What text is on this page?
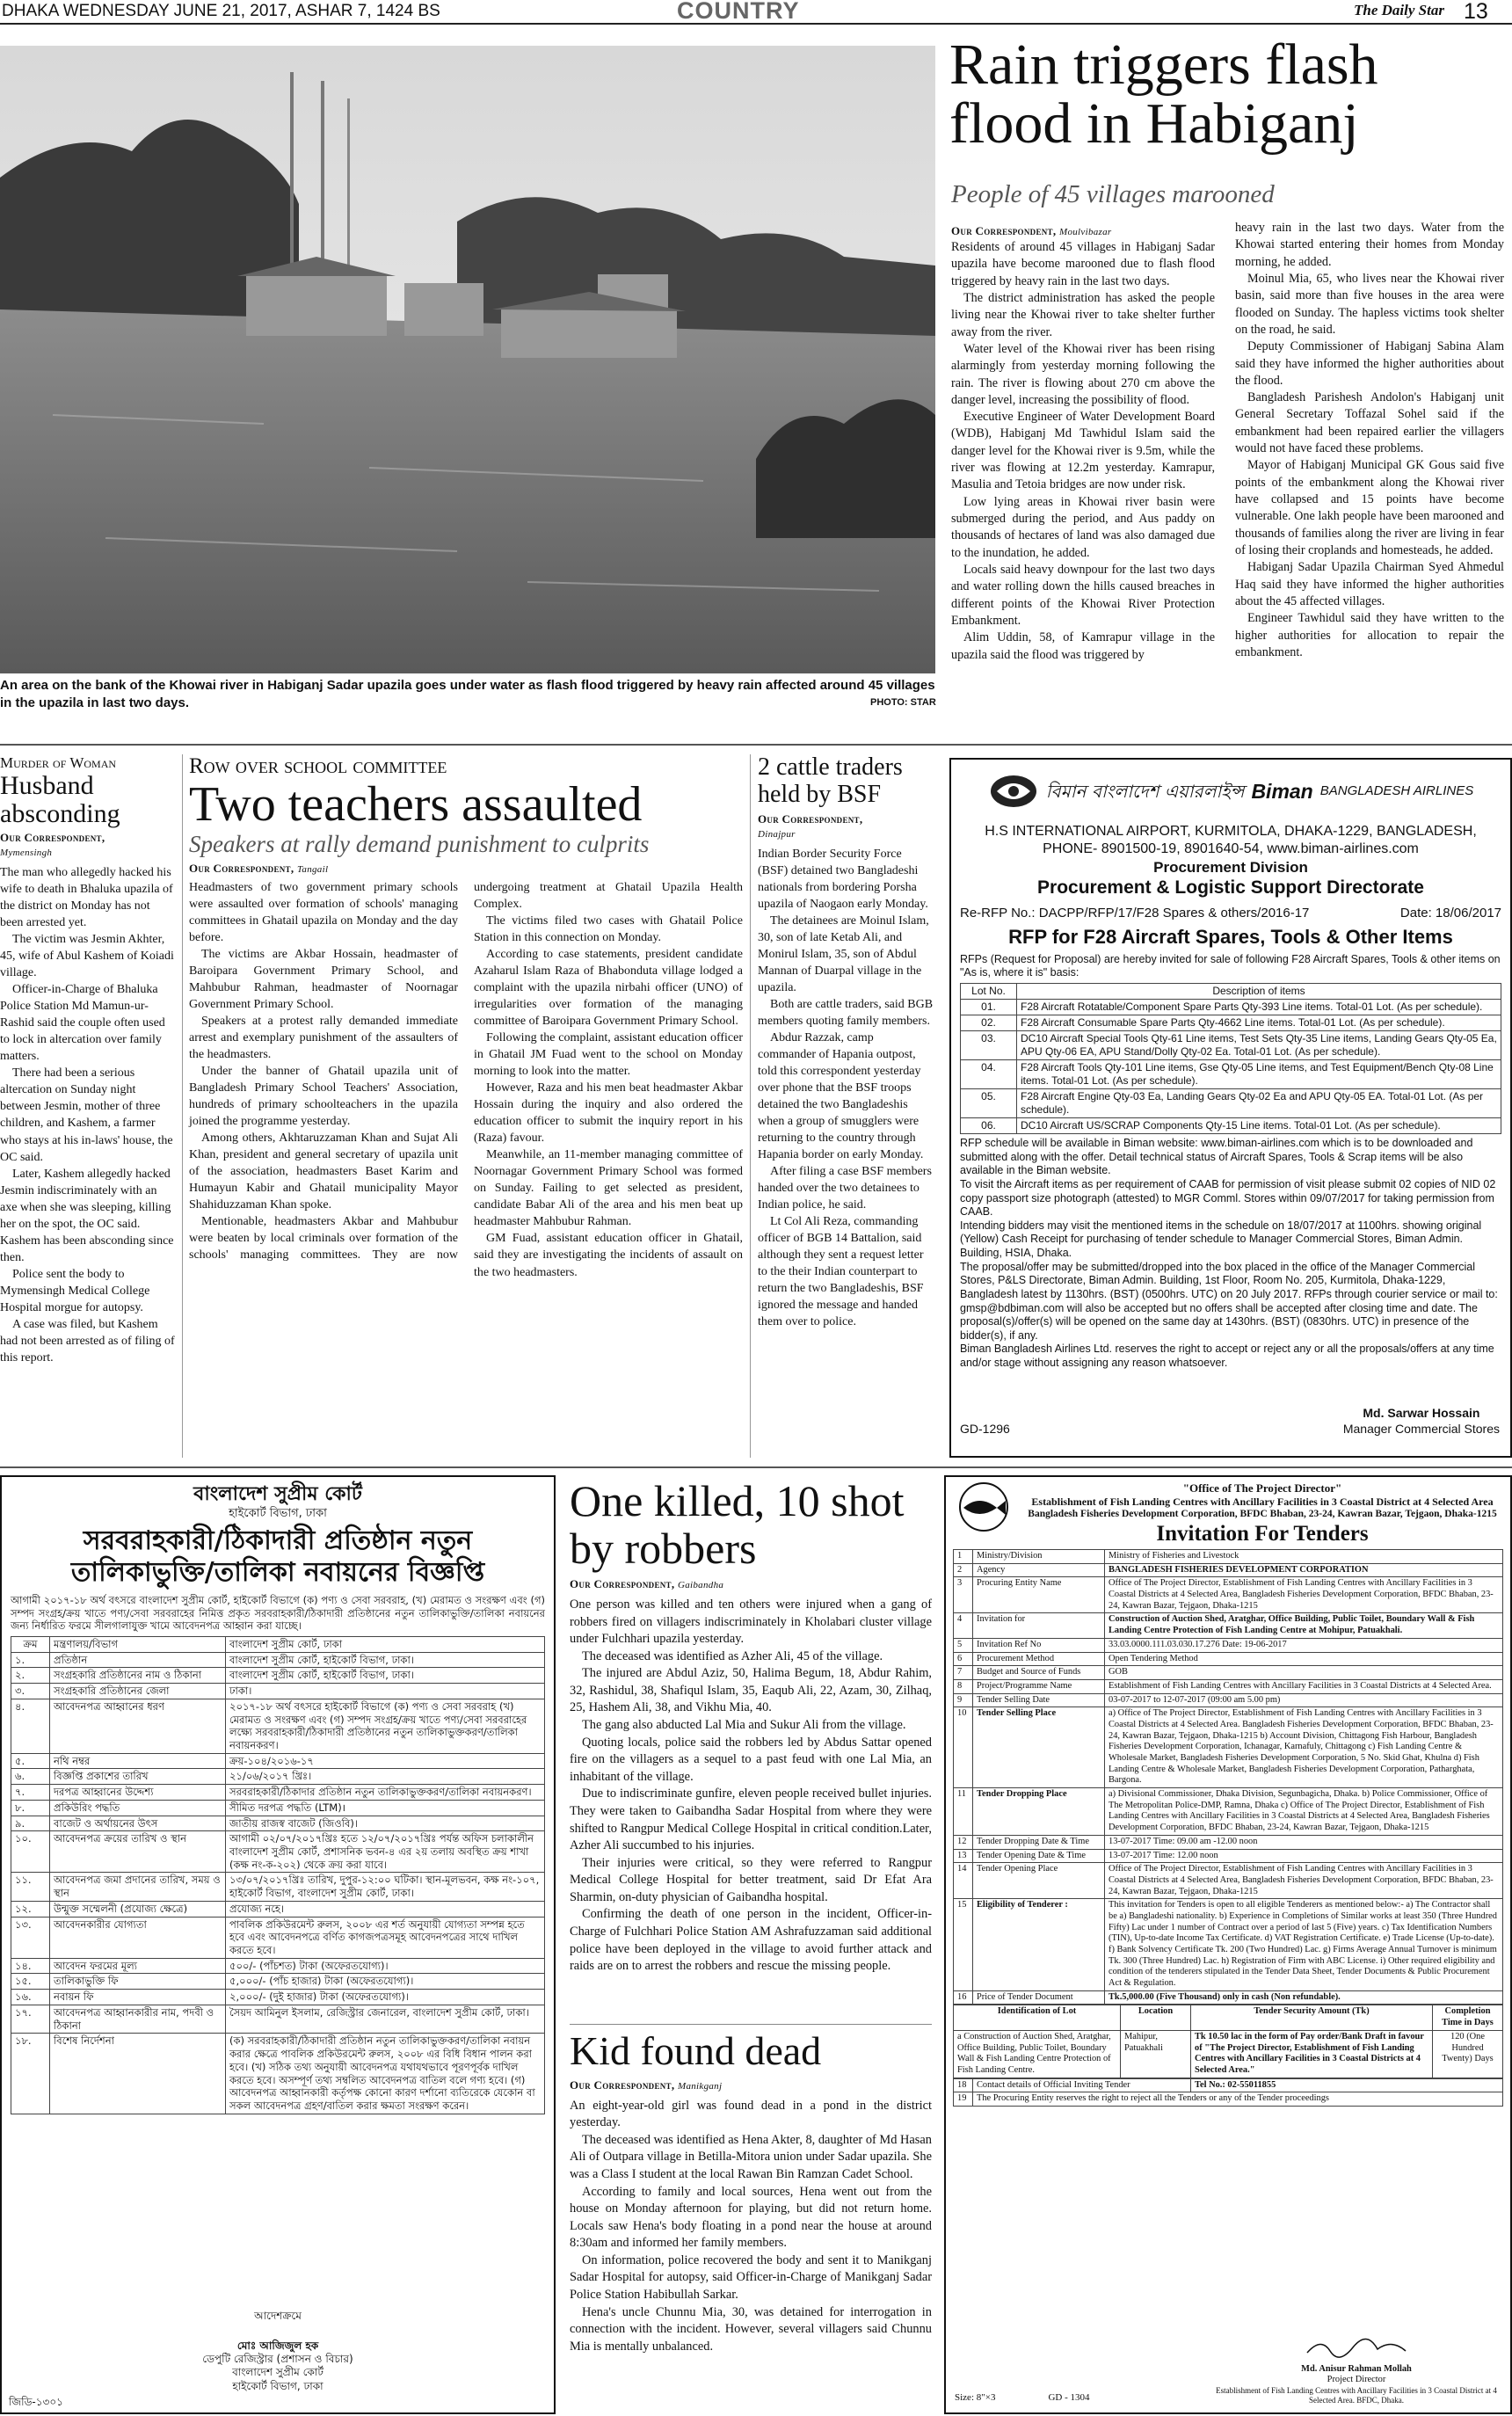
DHAKA WEDNESDAY JUNE 21, 2017, ASHAR 7, 1424 BS	COUNTRY	The Daily Star 13
An area on the bank of the Khowai river in Habiganj Sadar upazila goes under water as flash flood triggered by heavy rain affected around 45 villages in the upazila in last two days.	PHOTO: STAR
Rain triggers flash flood in Habiganj
People of 45 villages marooned
Our Correspondent, Moulvibazar

Residents of around 45 villages in Habiganj Sadar upazila have become marooned due to flash flood triggered by heavy rain in the last two days.

The district administration has asked the people living near the Khowai river to take shelter further away from the river.

Water level of the Khowai river has been rising alarmingly from yesterday morning following the rain. The river is flowing about 270 cm above the danger level, increasing the possibility of flood.

Executive Engineer of Water Development Board (WDB), Habiganj Md Tawhidul Islam said the danger level for the Khowai river is 9.5m, while the river was flowing at 12.2m yesterday. Kamrapur, Masulia and Tetoia bridges are now under risk.

Low lying areas in Khowai river basin were submerged during the period, and Aus paddy on thousands of hectares of land was also damaged due to the inundation, he added.

Locals said heavy downpour for the last two days and water rolling down the hills caused breaches in different points of the Khowai River Protection Embankment.

Alim Uddin, 58, of Kamrapur village in the upazila said the flood was triggered by

heavy rain in the last two days. Water from the Khowai started entering their homes from Monday morning, he added.

Moinul Mia, 65, who lives near the Khowai river basin, said more than five houses in the area were flooded on Sunday. The hapless victims took shelter on the road, he said.

Deputy Commissioner of Habiganj Sabina Alam said they have informed the higher authorities about the flood.

Bangladesh Parishesh Andolon's Habiganj unit General Secretary Toffazal Sohel said if the embankment had been repaired earlier the villagers would not have faced these problems.

Mayor of Habiganj Municipal GK Gous said five points of the embankment along the Khowai river have collapsed and 15 points have become vulnerable. One lakh people have been marooned and thousands of families along the river are living in fear of losing their croplands and homesteads, he added.

Habiganj Sadar Upazila Chairman Syed Ahmedul Haq said they have informed the higher authorities about the 45 affected villages.

Engineer Tawhidul said they have written to the higher authorities for allocation to repair the embankment.

Murder of Woman
Husband absconding
Our Correspondent,
Mymensingh

The man who allegedly hacked his wife to death in Bhaluka upazila of the district on Monday has not been arrested yet.

The victim was Jesmin Akhter, 45, wife of Abul Kashem of Koiadi village.

Officer-in-Charge of Bhaluka Police Station Md Mamun-ur-Rashid said the couple often used to lock in altercation over family matters.

There had been a serious altercation on Sunday night between Jesmin, mother of three children, and Kashem, a farmer who stays at his in-laws' house, the OC said.

Later, Kashem allegedly hacked Jesmin indiscriminately with an axe when she was sleeping, killing her on the spot, the OC said. Kashem has been absconding since then.

Police sent the body to Mymensingh Medical College Hospital morgue for autopsy.

A case was filed, but Kashem had not been arrested as of filing of this report.

Row over school committee
Two teachers assaulted
Speakers at rally demand punishment to culprits
Our Correspondent, Tangail

Headmasters of two government primary schools were assaulted over formation of schools' managing committees in Ghatail upazila on Monday and the day before.

The victims are Akbar Hossain, headmaster of Baroipara Government Primary School, and Mahbubur Rahman, headmaster of Noornagar Government Primary School.

Speakers at a protest rally demanded immediate arrest and exemplary punishment of the assaulters of the headmasters.

Under the banner of Ghatail upazila unit of Bangladesh Primary School Teachers' Association, hundreds of primary schoolteachers in the upazila joined the programme yesterday.

Among others, Akhtaruzzaman Khan and Sujat Ali Khan, president and general secretary of upazila unit of the association, headmasters Baset Karim and Humayun Kabir and Ghatail municipality Mayor Shahiduzzaman Khan spoke.

Mentionable, headmasters Akbar and Mahbubur were beaten by local criminals over formation of the schools' managing committees. They are now undergoing treatment at Ghatail Upazila Health Complex.

The victims filed two cases with Ghatail Police Station in this connection on Monday.

According to case statements, president candidate Azaharul Islam Raza of Bhabonduta village lodged a complaint with the upazila nirbahi officer (UNO) of irregularities over formation of the managing committee of Baroipara Government Primary School.

Following the complaint, assistant education officer in Ghatail JM Fuad went to the school on Monday morning to look into the matter.

However, Raza and his men beat headmaster Akbar Hossain during the inquiry and also ordered the education officer to submit the inquiry report in his (Raza) favour.

Meanwhile, an 11-member managing committee of Noornagar Government Primary School was formed on Sunday. Failing to get selected as president, candidate Babar Ali of the area and his men beat up headmaster Mahbubur Rahman.

GM Fuad, assistant education officer in Ghatail, said they are investigating the incidents of assault on the two headmasters.

2 cattle traders held by BSF
Our Correspondent,
Dinajpur

Indian Border Security Force (BSF) detained two Bangladeshi nationals from bordering Porsha upazila of Naogaon early Monday.

The detainees are Moinul Islam, 30, son of late Ketab Ali, and Monirul Islam, 35, son of Abdul Mannan of Duarpal village in the upazila.

Both are cattle traders, said BGB members quoting family members.

Abdur Razzak, camp commander of Hapania outpost, told this correspondent yesterday over phone that the BSF troops detained the two Bangladeshis when a group of smugglers were returning to the country through Hapania border on early Monday.

After filing a case BSF members handed over the two detainees to Indian police, he said.

Lt Col Ali Reza, commanding officer of BGB 14 Battalion, said although they sent a request letter to the their Indian counterpart to return the two Bangladeshis, BSF ignored the message and handed them over to police.

বিমান বাংলাদেশ এয়ারলাইন্স Biman BANGLADESH AIRLINES
H.S INTERNATIONAL AIRPORT, KURMITOLA, DHAKA-1229, BANGLADESH, PHONE- 8901500-19, 8901640-54, www.biman-airlines.com
Procurement Division
Procurement & Logistic Support Directorate
Re-RFP No.: DACPP/RFP/17/F28 Spares & others/2016-17	Date: 18/06/2017
RFP for F28 Aircraft Spares, Tools & Other Items
RFPs (Request for Proposal) are hereby invited for sale of following F28 Aircraft Spares, Tools & other items on "As is, where it is" basis:
Lot No.	Description of items
01.	F28 Aircraft Rotatable/Component Spare Parts Qty-393 Line items. Total-01 Lot. (As per schedule).
02.	F28 Aircraft Consumable Spare Parts Qty-4662 Line items. Total-01 Lot. (As per schedule).
03.	DC10 Aircraft Special Tools Qty-61 Line items, Test Sets Qty-35 Line items, Landing Gears Qty-05 Ea, APU Qty-06 EA, APU Stand/Dolly Qty-02 Ea. Total-01 Lot. (As per schedule).
04.	F28 Aircraft Tools Qty-101 Line items, Gse Qty-05 Line items, and Test Equipment/Bench Qty-08 Line items. Total-01 Lot. (As per schedule).
05.	F28 Aircraft Engine Qty-03 Ea, Landing Gears Qty-02 Ea and APU Qty-05 EA. Total-01 Lot. (As per schedule).
06.	DC10 Aircraft US/SCRAP Components Qty-15 Line items. Total-01 Lot. (As per schedule).
RFP schedule will be available in Biman website: www.biman-airlines.com which is to be downloaded and submitted along with the offer. Detail technical status of Aircraft Spares, Tools & Scrap items will be also available in the Biman website.
To visit the Aircraft items as per requirement of CAAB for permission of visit please submit 02 copies of NID 02 copy passport size photograph (attested) to MGR Comml. Stores within 09/07/2017 for taking permission from CAAB.
Intending bidders may visit the mentioned items in the schedule on 18/07/2017 at 1100hrs. showing original (Yellow) Cash Receipt for purchasing of tender schedule to Manager Commercial Stores, Biman Admin. Building, HSIA, Dhaka.
The proposal/offer may be submitted/dropped into the box placed in the office of the Manager Commercial Stores, P&LS Directorate, Biman Admin. Building, 1st Floor, Room No. 205, Kurmitola, Dhaka-1229, Bangladesh latest by 1130hrs. (BST) (0500hrs. UTC) on 20 July 2017. RFPs through courier service or mail to: gmsp@bdbiman.com will also be accepted but no offers shall be accepted after closing time and date. The proposal(s)/offer(s) will be opened on the same day at 1430hrs. (BST) (0830hrs. UTC) in presence of the bidder(s), if any.
Biman Bangladesh Airlines Ltd. reserves the right to accept or reject any or all the proposals/offers at any time and/or stage without assigning any reason whatsoever.
Md. Sarwar Hossain
Manager Commercial Stores
GD-1296
বাংলাদেশ সুপ্রীম কোর্ট
হাইকোর্ট বিভাগ, ঢাকা
সরবরাহকারী/ঠিকাদারী প্রতিষ্ঠান নতুন
তালিকাভুক্তি/তালিকা নবায়নের বিজ্ঞপ্তি
আগামী ২০১৭-১৮ অর্থ বৎসরে বাংলাদেশ সুপ্রীম কোর্ট, হাইকোর্ট বিভাগে (ক) পণ্য ও সেবা সরবরাহ, (খ) মেরামত ও সংরক্ষণ এবং (গ) সম্পদ সংগ্রহ/ক্রয় খাতে পণ্য/সেবা সরবরাহের নিমিত্ত প্রকৃত সরবরাহকারী/ঠিকাদারী প্রতিষ্ঠানের নতুন তালিকাভুক্তি/তালিকা নবায়নের জন্য নির্ধারিত ফরমে সীলগালাযুক্ত খামে আবেদনপত্র আহ্বান করা যাচ্ছে।
ক্রম	মন্ত্রণালয়/বিভাগ	বাংলাদেশ সুপ্রীম কোর্ট, ঢাকা
১.	প্রতিষ্ঠান	বাংলাদেশ সুপ্রীম কোর্ট, হাইকোর্ট বিভাগ, ঢাকা।
২.	সংগ্রহকারি প্রতিষ্ঠানের নাম ও ঠিকানা	বাংলাদেশ সুপ্রীম কোর্ট, হাইকোর্ট বিভাগ, ঢাকা।
৩.	সংগ্রহকারি প্রতিষ্ঠানের জেলা	ঢাকা।
৪.	আবেদনপত্র আহ্বানের ধরণ	২০১৭-১৮ অর্থ বৎসরে হাইকোর্ট বিভাগে (ক) পণ্য ও সেবা সরবরাহ (খ) মেরামত ও সংরক্ষণ এবং (গ) সম্পদ সংগ্রহ/ক্রয় খাতে পণ্য/সেবা সরবরাহের লক্ষ্যে সরবরাহকারী/ঠিকাদারী প্রতিষ্ঠানের নতুন তালিকাভুক্তকরণ/তালিকা নবায়নকরণ।
৫.	নথি নম্বর	ক্রয়-১০৪/২০১৬-১৭
৬.	বিজ্ঞপ্তি প্রকাশের তারিখ	২১/০৬/২০১৭ খ্রিঃ।
৭.	দরপত্র আহ্বানের উদ্দেশ্য	সরবরাহকারী/ঠিকাদার প্রতিষ্ঠান নতুন তালিকাভুক্তকরণ/তালিকা নবায়নকরণ।
৮.	প্রকিউরিং পদ্ধতি	সীমিত দরপত্র পদ্ধতি (LTM)।
৯.	বাজেট ও অর্থায়নের উৎস	জাতীয় রাজস্ব বাজেট (জিওবি)।
১০.	আবেদনপত্র ক্রয়ের তারিখ ও স্থান	আগামী ০২/০৭/২০১৭খ্রিঃ হতে ১২/০৭/২০১৭খ্রিঃ পর্যন্ত অফিস চলাকালীন বাংলাদেশ সুপ্রীম কোর্ট, প্রশাসনিক ভবন-৪ এর ২য় তলায় অবস্থিত ক্রয় শাখা (কক্ষ নং-ক-২০২) থেকে ক্রয় করা যাবে।
১১.	আবেদনপত্র জমা প্রদানের তারিখ, সময় ও স্থান	১৩/০৭/২০১৭খ্রিঃ তারিখ, দুপুর-১২:০০ ঘটিকা। স্থান-মূলভবন, কক্ষ নং-১০৭, হাইকোর্ট বিভাগ, বাংলাদেশ সুপ্রীম কোর্ট, ঢাকা।
১২.	উন্মুক্ত সম্মেলনী (প্রযোজ্য ক্ষেত্রে)	প্রযোজ্য নহে।
১৩.	আবেদনকারীর যোগ্যতা	পাবলিক প্রকিউরমেন্ট রুলস, ২০০৮ এর শর্ত অনুযায়ী যোগ্যতা সম্পন্ন হতে হবে এবং আবেদনপত্রে বর্ণিত কাগজপত্রসমূহ আবেদনপত্রের সাথে দাখিল করতে হবে।
১৪.	আবেদন ফরমের মূল্য	৫০০/- (পাঁচশত) টাকা (অফেরতযোগ্য)।
১৫.	তালিকাভুক্তি ফি	৫,০০০/- (পাঁচ হাজার) টাকা (অফেরতযোগ্য)।
১৬.	নবায়ন ফি	২,০০০/- (দুই হাজার) টাকা (অফেরতযোগ্য)।
১৭.	আবেদনপত্র আহ্বানকারীর নাম, পদবী ও ঠিকানা	সৈয়দ আমিনুল ইসলাম, রেজিস্ট্রার জেনারেল, বাংলাদেশ সুপ্রীম কোর্ট, ঢাকা।
১৮.	বিশেষ নির্দেশনা	(ক) সরবরাহকারী/ঠিকাদারী প্রতিষ্ঠান নতুন তালিকাভুক্তকরণ/তালিকা নবায়ন করার ক্ষেত্রে পাবলিক প্রকিউরমেন্ট রুলস, ২০০৮ এর বিধি বিধান পালন করা হবে। (খ) সঠিক তথ্য অনুযায়ী আবেদনপত্র যথাযথভাবে পূরণপূর্বক দাখিল করতে হবে। অসম্পূর্ণ তথ্য সম্বলিত আবেদনপত্র বাতিল বলে গণ্য হবে। (গ) আবেদনপত্র আহ্বানকারী কর্তৃপক্ষ কোনো কারণ দর্শানো ব্যতিরেকে যেকোন বা সকল আবেদনপত্র গ্রহণ/বাতিল করার ক্ষমতা সংরক্ষণ করেন।
আদেশক্রমে
মোঃ আজিজুল হক
ডেপুটি রেজিস্ট্রার (প্রশাসন ও বিচার)
বাংলাদেশ সুপ্রীম কোর্ট
হাইকোর্ট বিভাগ, ঢাকা
জিডি-১৩০১
One killed, 10 shot by robbers
Our Correspondent, Gaibandha

One person was killed and ten others were injured when a gang of robbers fired on villagers indiscriminately in Kholabari cluster village under Fulchhari upazila yesterday.

The deceased was identified as Azher Ali, 45 of the village.

The injured are Abdul Aziz, 50, Halima Begum, 18, Abdur Rahim, 32, Rashidul, 38, Shafiqul Islam, 35, Eaqub Ali, 22, Azam, 30, Zilhaq, 25, Hashem Ali, 38, and Vikhu Mia, 40.

The gang also abducted Lal Mia and Sukur Ali from the village.

Quoting locals, police said the robbers led by Abdus Sattar opened fire on the villagers as a sequel to a past feud with one Lal Mia, an inhabitant of the village.

Due to indiscriminate gunfire, eleven people received bullet injuries. They were taken to Gaibandha Sadar Hospital from where they were shifted to Rangpur Medical College Hospital in critical condition.Later, Azher Ali succumbed to his injuries.

Their injuries were critical, so they were referred to Rangpur Medical College Hospital for better treatment, said Dr Efat Ara Sharmin, on-duty physician of Gaibandha hospital.

Confirming the death of one person in the incident, Officer-in-Charge of Fulchhari Police Station AM Ashrafuzzaman said additional police have been deployed in the village to avoid further attack and raids are on to arrest the robbers and rescue the missing people.

Kid found dead
Our Correspondent, Manikganj

An eight-year-old girl was found dead in a pond in the district yesterday.

The deceased was identified as Hena Akter, 8, daughter of Md Hasan Ali of Outpara village in Betilla-Mitora union under Sadar upazila. She was a Class I student at the local Rawan Bin Ramzan Cadet School.

According to family and local sources, Hena went out from the house on Monday afternoon for playing, but did not return home. Locals saw Hena's body floating in a pond near the house at around 8:30am and informed her family members.

On information, police recovered the body and sent it to Manikganj Sadar Hospital for autopsy, said Officer-in-Charge of Manikganj Sadar Police Station Habibullah Sarkar.

Hena's uncle Chunnu Mia, 30, was detained for interrogation in connection with the incident. However, several villagers said Chunnu Mia is mentally unbalanced.

"Office of The Project Director"
Establishment of Fish Landing Centres with Ancillary Facilities in 3 Coastal District at 4 Selected Area
Bangladesh Fisheries Development Corporation, BFDC Bhaban, 23-24, Kawran Bazar, Tejgaon, Dhaka-1215
Invitation For Tenders
1	Ministry/Division	Ministry of Fisheries and Livestock
2	Agency	BANGLADESH FISHERIES DEVELOPMENT CORPORATION
3	Procuring Entity Name	Office of The Project Director, Establishment of Fish Landing Centres with Ancillary Facilities in 3 Coastal Districts at 4 Selected Area, Bangladesh Fisheries Development Corporation, BFDC Bhaban, 23-24, Kawran Bazar, Tejgaon, Dhaka-1215
4	Invitation for	Construction of Auction Shed, Aratghar, Office Building, Public Toilet, Boundary Wall & Fish Landing Centre Protection of Fish Landing Centre at Mohipur, Patuakhali.
5	Invitation Ref No	33.03.0000.111.03.030.17.276 Date: 19-06-2017
6	Procurement Method	Open Tendering Method
7	Budget and Source of Funds	GOB
8	Project/Programme Name	Establishment of Fish Landing Centres with Ancillary Facilities in 3 Coastal Districts at 4 Selected Area.
9	Tender Selling Date	03-07-2017 to 12-07-2017 (09:00 am 5.00 pm)
10	Tender Selling Place	a) Office of The Project Director, Establishment of Fish Landing Centres with Ancillary Facilities in 3 Coastal Districts at 4 Selected Area. Bangladesh Fisheries Development Corporation, BFDC Bhaban, 23-24, Kawran Bazar, Tejgaon, Dhaka-1215 b) Account Division, Chittagong Fish Harbour, Bangladesh Fisheries Development Corporation, Ichanagar, Karnafuly, Chittagong c) Fish Landing Centre & Wholesale Market, Bangladesh Fisheries Development Corporation, 5 No. Skid Ghat, Khulna d) Fish Landing Centre & Wholesale Market, Bangladesh Fisheries Development Corporation, Patharghata, Bargona.
11	Tender Dropping Place	a) Divisional Commissioner, Dhaka Division, Segunbagicha, Dhaka. b) Police Commissioner, Office of The Metropolitan Police-DMP, Ramna, Dhaka c) Office of The Project Director, Establishment of Fish Landing Centres with Ancillary Facilities in 3 Coastal Districts at 4 Selected Area, Bangladesh Fisheries Development Corporation, BFDC Bhaban, 23-24, Kawran Bazar, Tejgaon, Dhaka-1215
12	Tender Dropping Date & Time	13-07-2017 Time: 09.00 am -12.00 noon
13	Tender Opening Date & Time	13-07-2017 Time: 12.00 noon
14	Tender Opening Place	Office of The Project Director, Establishment of Fish Landing Centres with Ancillary Facilities in 3 Coastal Districts at 4 Selected Area, Bangladesh Fisheries Development Corporation, BFDC Bhaban, 23-24, Kawran Bazar, Tejgaon, Dhaka-1215
15	Eligibility of Tenderer :	This invitation for Tenders is open to all eligible Tenderers as mentioned below:- a) The Contractor shall be a) Bangladeshi nationality. b) Experience in Completions of Similar works at least 350 (Three Hundred Fifty) Lac under 1 number of Contract over a period of last 5 (Five) years. c) Tax Identification Numbers (TIN), Up-to-date Income Tax Certificate. d) VAT Registration Certificate. e) Trade License (Up-to-date). f) Bank Solvency Certificate Tk. 200 (Two Hundred) Lac. g) Firms Average Annual Turnover is minimum Tk. 300 (Three Hundred) Lac. h) Registration of Firm with ABC License. i) Other required eligibility and condition of the tenderers stipulated in the Tender Data Sheet, Tender Documents & Public Procurement Act & Regulation.
16	Price of Tender Document	Tk.5,000.00 (Five Thousand) only in cash (Non refundable).
Identification of Lot	Location	Tender Security Amount (Tk)	Completion Time in Days
a Construction of Auction Shed, Aratghar, Office Building, Public Toilet, Boundary Wall & Fish Landing Centre Protection of Fish Landing Centre.	Mahipur, Patuakhali	Tk 10.50 lac in the form of Pay order/Bank Draft in favour of "The Project Director, Establishment of Fish Landing Centres with Ancillary Facilities in 3 Coastal Districts at 4 Selected Area."	120 (One Hundred Twenty) Days
18	Contact details of Official Inviting Tender	Tel No.: 02-55011855
19	The Procuring Entity reserves the right to reject all the Tenders or any of the Tender proceedings	
Md. Anisur Rahman Mollah
Project Director
Establishment of Fish Landing Centres with Ancillary Facilities in 3 Coastal District at 4 Selected Area. BFDC, Dhaka.
Size: 8"×3	GD - 1304
